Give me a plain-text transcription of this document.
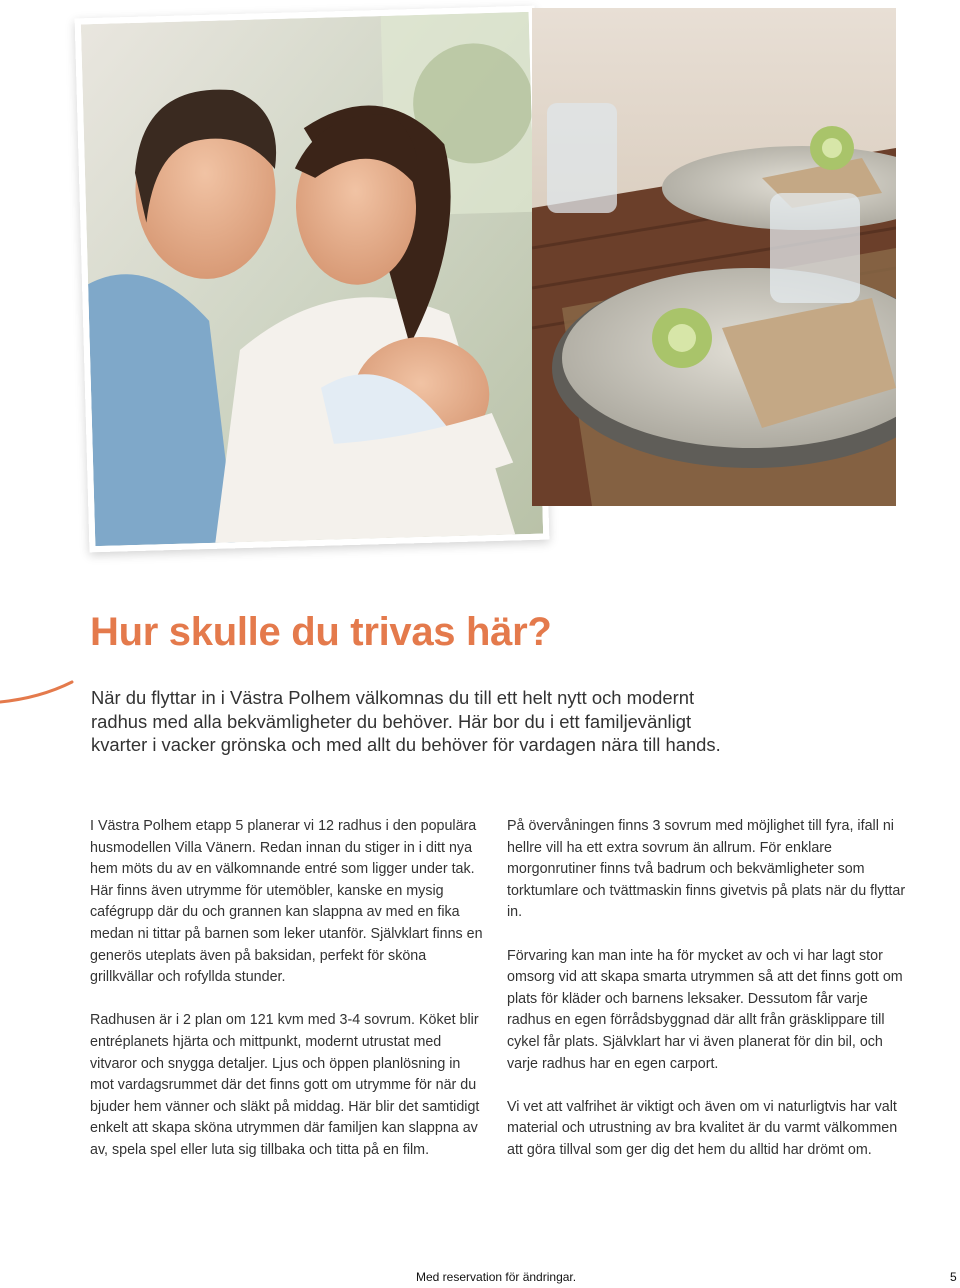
Hur skulle du trivas här?

När du flyttar in i Västra Polhem välkomnas du till ett helt nytt och modernt radhus med alla bekvämligheter du behöver. Här bor du i ett familjevänligt kvarter i vacker grönska och med allt du behöver för vardagen nära till hands.

I Västra Polhem etapp 5 planerar vi 12 radhus i den populära husmodellen Villa Vänern. Redan innan du stiger in i ditt nya hem möts du av en välkomnande entré som ligger under tak. Här finns även utrymme för utemöbler, kanske en mysig cafégrupp där du och grannen kan slappna av med en fika medan ni tittar på barnen som leker utanför. Självklart finns en generös uteplats även på baksidan, perfekt för sköna grillkvällar och rofyllda stunder.

Radhusen är i 2 plan om 121 kvm med 3-4 sovrum. Köket blir entréplanets hjärta och mittpunkt, modernt utrustat med vitvaror och snygga detaljer. Ljus och öppen planlösning in mot vardagsrummet där det finns gott om utrymme för när du bjuder hem vänner och släkt på middag. Här blir det samtidigt enkelt att skapa sköna utrymmen där familjen kan slappna av av, spela spel eller luta sig tillbaka och titta på en film.

På övervåningen finns 3 sovrum med möjlighet till fyra, ifall ni hellre vill ha ett extra sovrum än allrum. För enklare morgonrutiner finns två badrum och bekvämligheter som torktumlare och tvättmaskin finns givetvis på plats när du flyttar in.

Förvaring kan man inte ha för mycket av och vi har lagt stor omsorg vid att skapa smarta utrymmen så att det finns gott om plats för kläder och barnens leksaker. Dessutom får varje radhus en egen förrådsbyggnad där allt från gräsklippare till cykel får plats. Självklart har vi även planerat för din bil, och varje radhus har en egen carport.

Vi vet att valfrihet är viktigt och även om vi naturligtvis har valt material och utrustning av bra kvalitet är du varmt välkommen att göra tillval som ger dig det hem du alltid har drömt om.

Med reservation för ändringar.	5
